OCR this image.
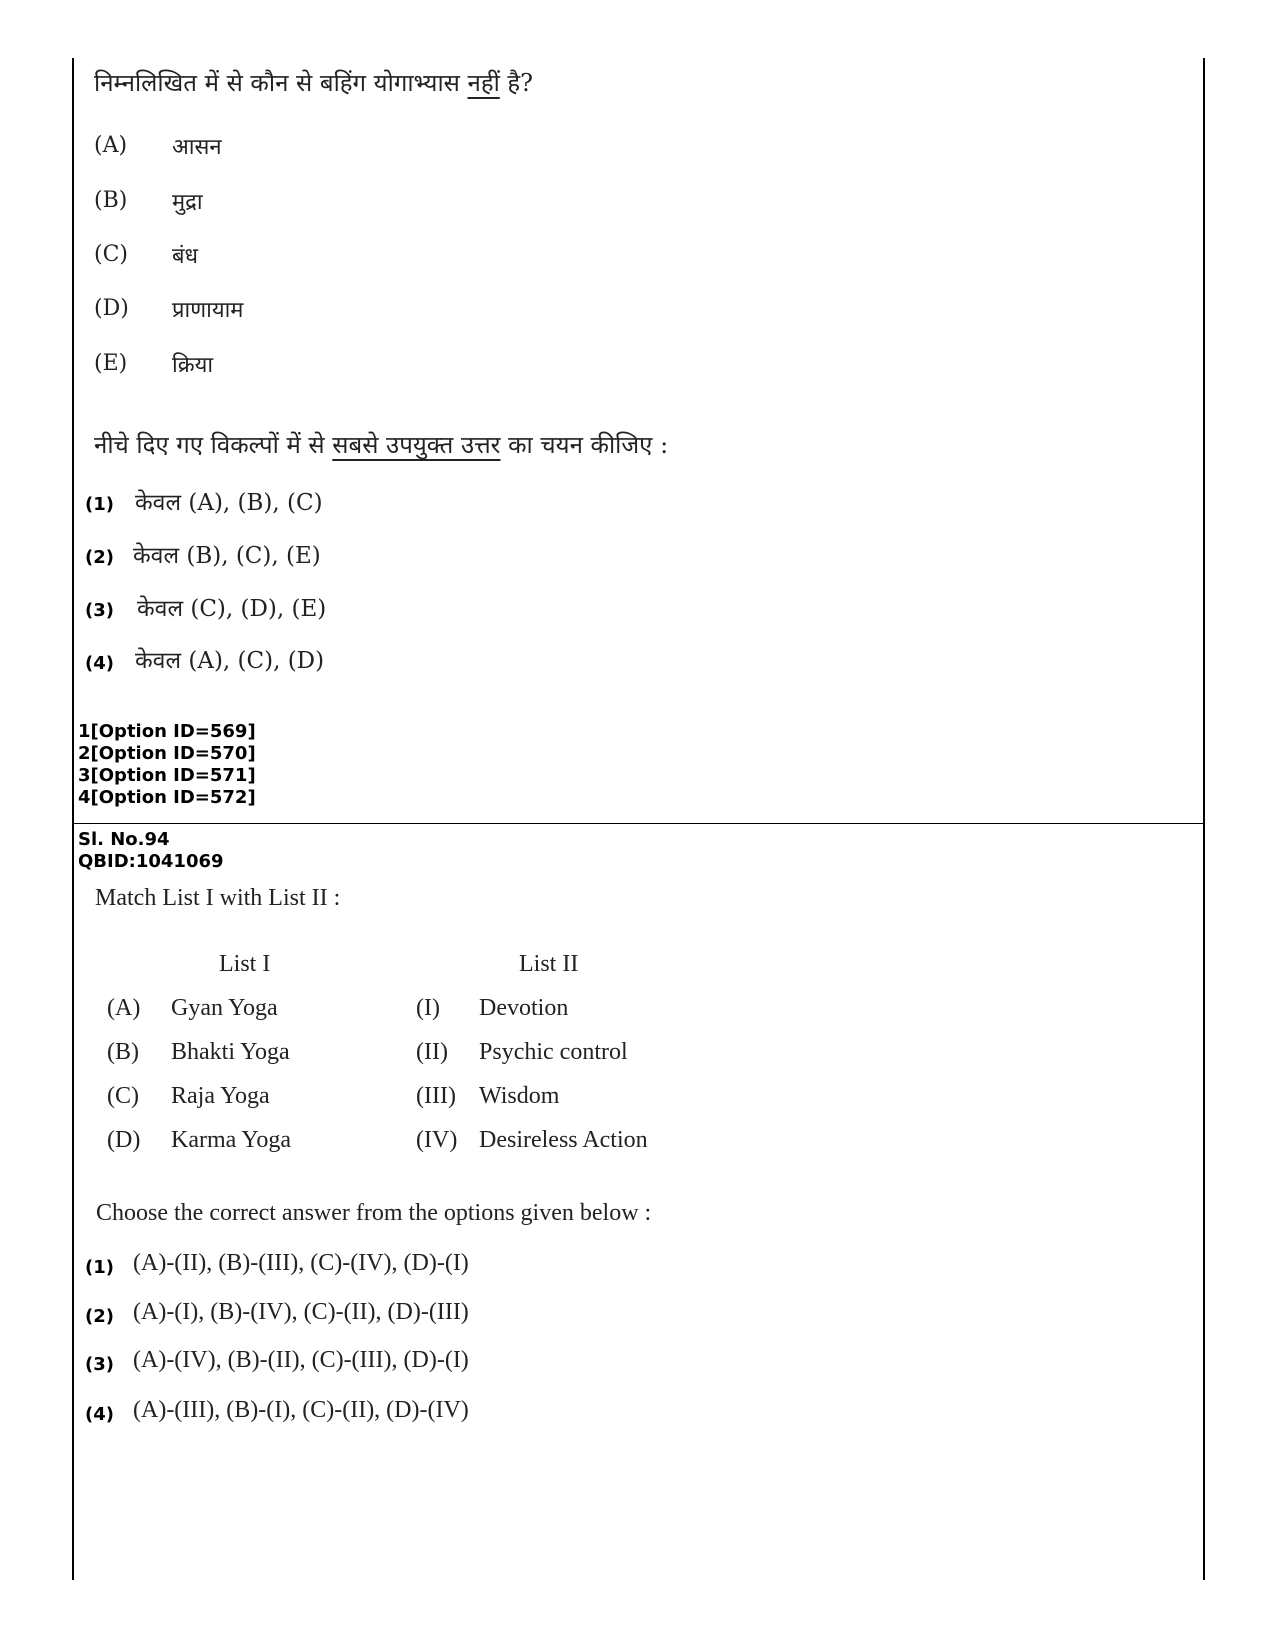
निम्नलिखित में से कौन से बहिंग योगाभ्यास नहीं है?
(A) आसन
(B) मुद्रा
(C) बंध
(D) प्राणायाम
(E) क्रिया
नीचे दिए गए विकल्पों में से सबसे उपयुक्त उत्तर का चयन कीजिए :
(1) केवल (A), (B), (C)
(2) केवल (B), (C), (E)
(3) केवल (C), (D), (E)
(4) केवल (A), (C), (D)
1[Option ID=569]
2[Option ID=570]
3[Option ID=571]
4[Option ID=572]
Sl. No.94
QBID:1041069
Match List I with List II :
List I	List II
(A) Gyan Yoga	(I) Devotion
(B) Bhakti Yoga	(II) Psychic control
(C) Raja Yoga	(III) Wisdom
(D) Karma Yoga	(IV) Desireless Action
Choose the correct answer from the options given below :
(1) (A)-(II), (B)-(III), (C)-(IV), (D)-(I)
(2) (A)-(I), (B)-(IV), (C)-(II), (D)-(III)
(3) (A)-(IV), (B)-(II), (C)-(III), (D)-(I)
(4) (A)-(III), (B)-(I), (C)-(II), (D)-(IV)
